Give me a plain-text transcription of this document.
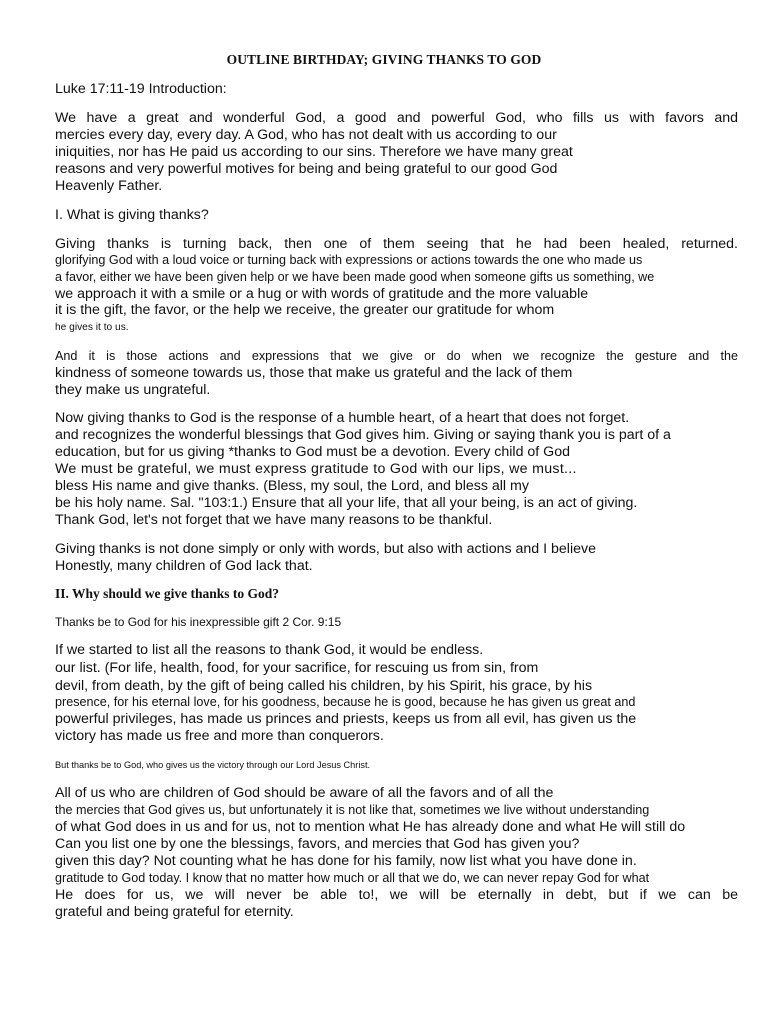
OUTLINE BIRTHDAY; GIVING THANKS TO GOD
Luke 17:11-19 Introduction:
We have a great and wonderful God, a good and powerful God, who fills us with favors and
mercies every day, every day. A God, who has not dealt with us according to our
iniquities, nor has He paid us according to our sins. Therefore we have many great
reasons and very powerful motives for being and being grateful to our good God
Heavenly Father.
I. What is giving thanks?
Giving thanks is turning back, then one of them seeing that he had been healed, returned.
glorifying God with a loud voice or turning back with expressions or actions towards the one who made us
a favor, either we have been given help or we have been made good when someone gifts us something, we
we approach it with a smile or a hug or with words of gratitude and the more valuable
it is the gift, the favor, or the help we receive, the greater our gratitude for whom
he gives it to us.
And it is those actions and expressions that we give or do when we recognize the gesture and the
kindness of someone towards us, those that make us grateful and the lack of them
they make us ungrateful.
Now giving thanks to God is the response of a humble heart, of a heart that does not forget.
and recognizes the wonderful blessings that God gives him. Giving or saying thank you is part of a
education, but for us giving *thanks to God must be a devotion. Every child of God
We must be grateful, we must express gratitude to God with our lips, we must...
bless His name and give thanks. (Bless, my soul, the Lord, and bless all my
be his holy name. Sal. "103:1.) Ensure that all your life, that all your being, is an act of giving.
Thank God, let's not forget that we have many reasons to be thankful.
Giving thanks is not done simply or only with words, but also with actions and I believe
Honestly, many children of God lack that.
II. Why should we give thanks to God?
Thanks be to God for his inexpressible gift 2 Cor. 9:15
If we started to list all the reasons to thank God, it would be endless.
our list. (For life, health, food, for your sacrifice, for rescuing us from sin, from
devil, from death, by the gift of being called his children, by his Spirit, his grace, by his
presence, for his eternal love, for his goodness, because he is good, because he has given us great and
powerful privileges, has made us princes and priests, keeps us from all evil, has given us the
victory has made us free and more than conquerors.
But thanks be to God, who gives us the victory through our Lord Jesus Christ.
All of us who are children of God should be aware of all the favors and of all the
the mercies that God gives us, but unfortunately it is not like that, sometimes we live without understanding
of what God does in us and for us, not to mention what He has already done and what He will still do
Can you list one by one the blessings, favors, and mercies that God has given you?
given this day? Not counting what he has done for his family, now list what you have done in.
gratitude to God today. I know that no matter how much or all that we do, we can never repay God for what
He does for us, we will never be able to!, we will be eternally in debt, but if we can be
grateful and being grateful for eternity.
